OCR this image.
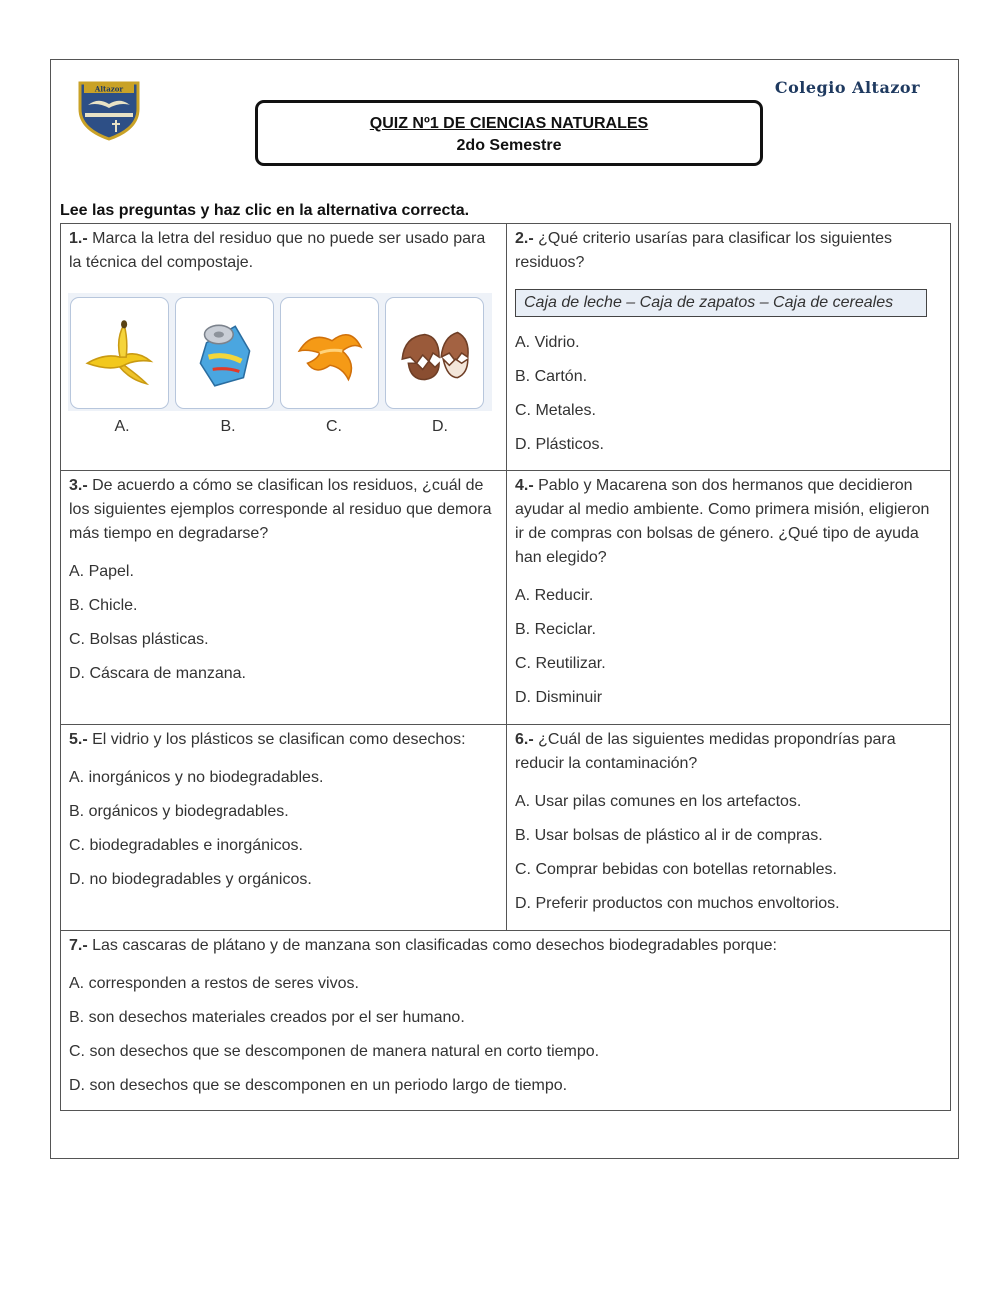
Altazor	Colegio Altazor
QUIZ Nº1 DE CIENCIAS NATURALES
2do Semestre
Lee las preguntas y haz clic en la alternativa correcta.
1.- Marca la letra del residuo que no puede ser usado para la técnica del compostaje.
A.	B.	C.	D.
2.- ¿Qué criterio usarías para clasificar los siguientes residuos?
Caja de leche – Caja de zapatos – Caja de cereales
A. Vidrio.
B. Cartón.
C. Metales.
D. Plásticos.
3.- De acuerdo a cómo se clasifican los residuos, ¿cuál de los siguientes ejemplos corresponde al residuo que demora más tiempo en degradarse?
A. Papel.
B. Chicle.
C. Bolsas plásticas.
D. Cáscara de manzana.
4.- Pablo y Macarena son dos hermanos que decidieron ayudar al medio ambiente. Como primera misión, eligieron ir de compras con bolsas de género. ¿Qué tipo de ayuda han elegido?
A. Reducir.
B. Reciclar.
C. Reutilizar.
D. Disminuir
5.- El vidrio y los plásticos se clasifican como desechos:
A. inorgánicos y no biodegradables.
B. orgánicos y biodegradables.
C. biodegradables e inorgánicos.
D. no biodegradables y orgánicos.
6.- ¿Cuál de las siguientes medidas propondrías para reducir la contaminación?
A. Usar pilas comunes en los artefactos.
B. Usar bolsas de plástico al ir de compras.
C. Comprar bebidas con botellas retornables.
D. Preferir productos con muchos envoltorios.
7.- Las cascaras de plátano y de manzana son clasificadas como desechos biodegradables porque:
A. corresponden a restos de seres vivos.
B. son desechos materiales creados por el ser humano.
C. son desechos que se descomponen de manera natural en corto tiempo.
D. son desechos que se descomponen en un periodo largo de tiempo.
